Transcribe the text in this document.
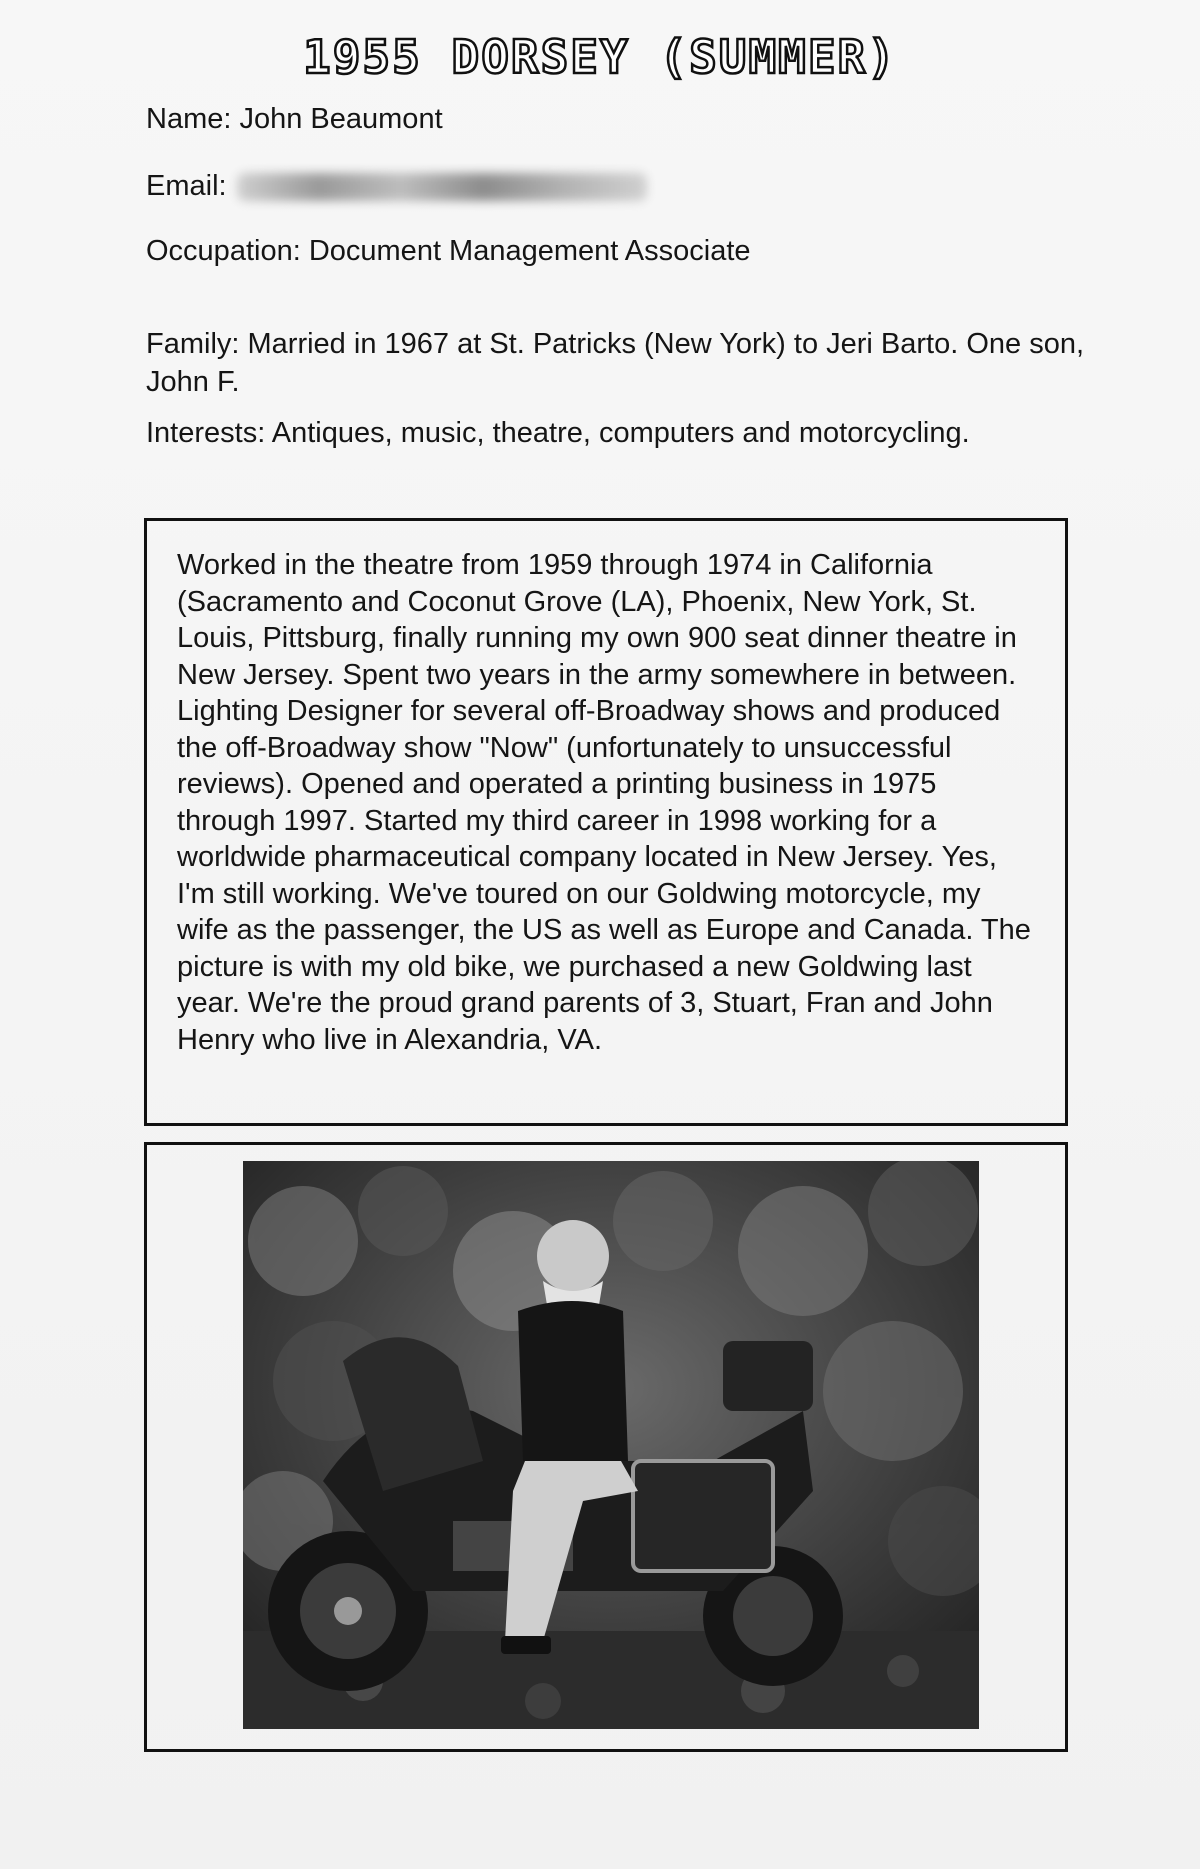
1955 DORSEY (SUMMER)
Name: John Beaumont
Email:
Occupation: Document Management Associate
Family: Married in 1967 at St. Patricks (New York) to Jeri Barto. One son, John F.
Interests: Antiques, music, theatre, computers and motorcycling.
Worked in the theatre from 1959 through 1974 in California (Sacramento and Coconut Grove (LA), Phoenix, New York, St. Louis, Pittsburg, finally running my own 900 seat dinner theatre in New Jersey. Spent two years in the army somewhere in between. Lighting Designer for several off-Broadway shows and produced the off-Broadway show "Now" (unfortunately to unsuccessful reviews). Opened and operated a printing business in 1975 through 1997. Started my third career in 1998 working for a worldwide pharmaceutical company located in New Jersey. Yes, I'm still working. We've toured on our Goldwing motorcycle, my wife as the passenger, the US as well as Europe and Canada. The picture is with my old bike, we purchased a new Goldwing last year. We're the proud grand parents of 3, Stuart, Fran and John Henry who live in Alexandria, VA.
